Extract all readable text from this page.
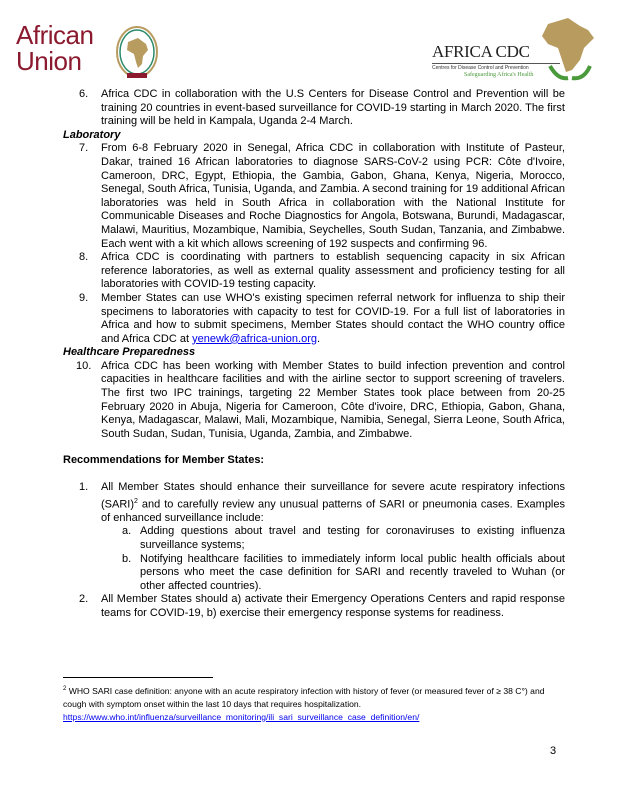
African Union	AFRICA CDC
Centres for Disease Control and Prevention
Safeguarding Africa's Health
6. Africa CDC in collaboration with the U.S Centers for Disease Control and Prevention will be training 20 countries in event-based surveillance for COVID-19 starting in March 2020. The first training will be held in Kampala, Uganda 2-4 March.
Laboratory
7. From 6-8 February 2020 in Senegal, Africa CDC in collaboration with Institute of Pasteur, Dakar, trained 16 African laboratories to diagnose SARS-CoV-2 using PCR: Côte d'Ivoire, Cameroon, DRC, Egypt, Ethiopia, the Gambia, Gabon, Ghana, Kenya, Nigeria, Morocco, Senegal, South Africa, Tunisia, Uganda, and Zambia. A second training for 19 additional African laboratories was held in South Africa in collaboration with the National Institute for Communicable Diseases and Roche Diagnostics for Angola, Botswana, Burundi, Madagascar, Malawi, Mauritius, Mozambique, Namibia, Seychelles, South Sudan, Tanzania, and Zimbabwe. Each went with a kit which allows screening of 192 suspects and confirming 96.
8. Africa CDC is coordinating with partners to establish sequencing capacity in six African reference laboratories, as well as external quality assessment and proficiency testing for all laboratories with COVID-19 testing capacity.
9. Member States can use WHO's existing specimen referral network for influenza to ship their specimens to laboratories with capacity to test for COVID-19. For a full list of laboratories in Africa and how to submit specimens, Member States should contact the WHO country office and Africa CDC at yenewk@africa-union.org.
Healthcare Preparedness
10. Africa CDC has been working with Member States to build infection prevention and control capacities in healthcare facilities and with the airline sector to support screening of travelers. The first two IPC trainings, targeting 22 Member States took place between from 20-25 February 2020 in Abuja, Nigeria for Cameroon, Côte d'ivoire, DRC, Ethiopia, Gabon, Ghana, Kenya, Madagascar, Malawi, Mali, Mozambique, Namibia, Senegal, Sierra Leone, South Africa, South Sudan, Sudan, Tunisia, Uganda, Zambia, and Zimbabwe.
Recommendations for Member States:
1. All Member States should enhance their surveillance for severe acute respiratory infections (SARI)$^2$ and to carefully review any unusual patterns of SARI or pneumonia cases. Examples of enhanced surveillance include:
a. Adding questions about travel and testing for coronaviruses to existing influenza surveillance systems;
b. Notifying healthcare facilities to immediately inform local public health officials about persons who meet the case definition for SARI and recently traveled to Wuhan (or other affected countries).
2. All Member States should a) activate their Emergency Operations Centers and rapid response teams for COVID-19, b) exercise their emergency response systems for readiness.
$^2$ WHO SARI case definition: anyone with an acute respiratory infection with history of fever (or measured fever of ≥ 38 C°) and cough with symptom onset within the last 10 days that requires hospitalization.
https://www.who.int/influenza/surveillance_monitoring/ili_sari_surveillance_case_definition/en/
3
